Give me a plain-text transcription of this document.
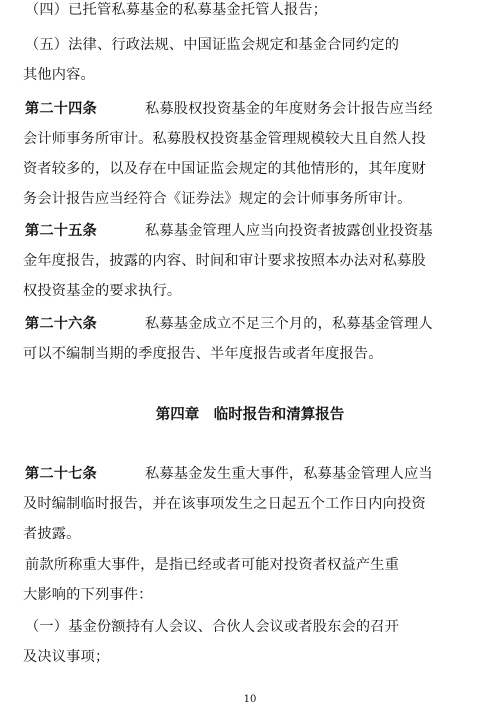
（四）已托管私募基金的私募基金托管人报告；
（五）法律、行政法规、中国证监会规定和基金合同约定的
其他内容。
第二十四条	私募股权投资基金的年度财务会计报告应当经
会计师事务所审计。私募股权投资基金管理规模较大且自然人投
资者较多的，以及存在中国证监会规定的其他情形的，其年度财
务会计报告应当经符合《证券法》规定的会计师事务所审计。
第二十五条	私募基金管理人应当向投资者披露创业投资基
金年度报告，披露的内容、时间和审计要求按照本办法对私募股
权投资基金的要求执行。
第二十六条	私募基金成立不足三个月的，私募基金管理人
可以不编制当期的季度报告、半年度报告或者年度报告。
第四章　临时报告和清算报告
第二十七条	私募基金发生重大事件，私募基金管理人应当
及时编制临时报告，并在该事项发生之日起五个工作日内向投资
者披露。
前款所称重大事件，是指已经或者可能对投资者权益产生重
大影响的下列事件：
（一）基金份额持有人会议、合伙人会议或者股东会的召开
及决议事项；
10
